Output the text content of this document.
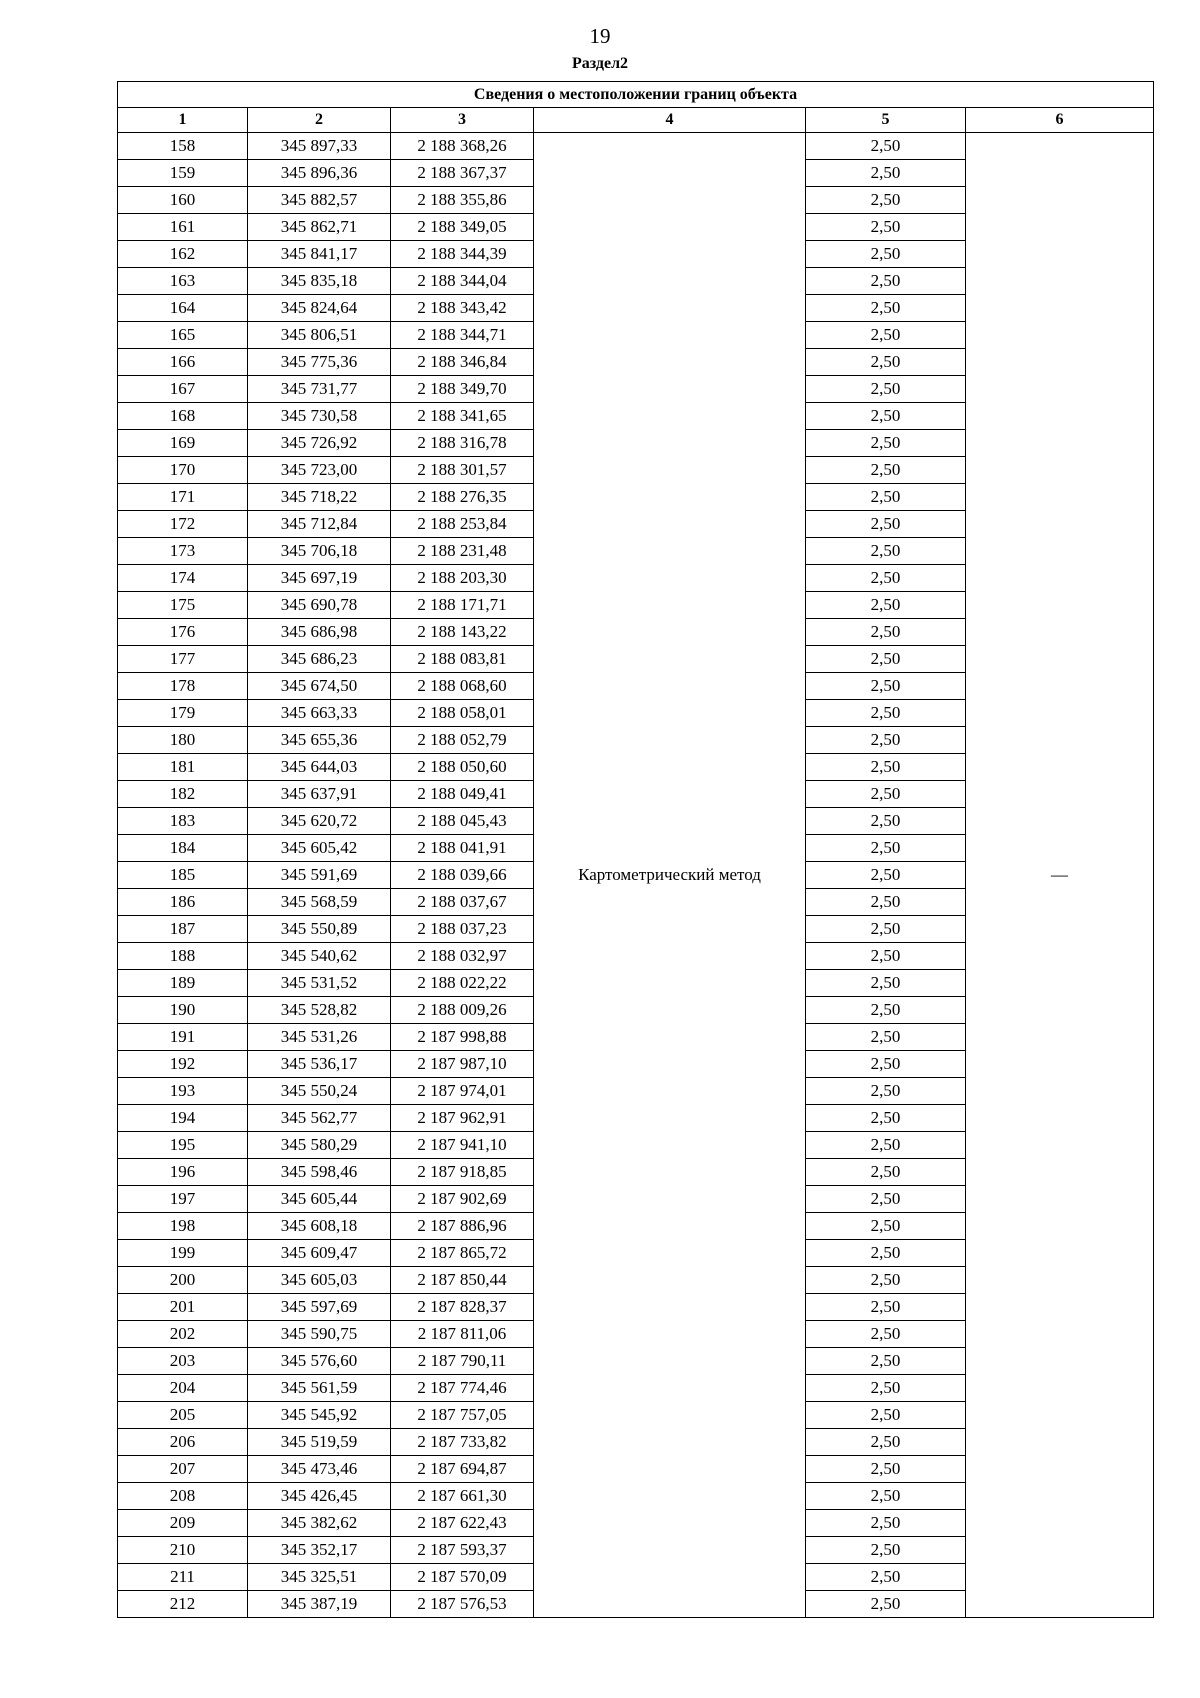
19
Раздел2
Сведения о местоположении границ объекта					
1	2	3	4	5	6
158	345 897,33	2 188 368,26	Картометрический метод	2,50	—
159	345 896,36	2 188 367,37		2,50	
160	345 882,57	2 188 355,86		2,50	
161	345 862,71	2 188 349,05		2,50	
162	345 841,17	2 188 344,39		2,50	
163	345 835,18	2 188 344,04		2,50	
164	345 824,64	2 188 343,42		2,50	
165	345 806,51	2 188 344,71		2,50	
166	345 775,36	2 188 346,84		2,50	
167	345 731,77	2 188 349,70		2,50	
168	345 730,58	2 188 341,65		2,50	
169	345 726,92	2 188 316,78		2,50	
170	345 723,00	2 188 301,57		2,50	
171	345 718,22	2 188 276,35		2,50	
172	345 712,84	2 188 253,84		2,50	
173	345 706,18	2 188 231,48		2,50	
174	345 697,19	2 188 203,30		2,50	
175	345 690,78	2 188 171,71		2,50	
176	345 686,98	2 188 143,22		2,50	
177	345 686,23	2 188 083,81		2,50	
178	345 674,50	2 188 068,60		2,50	
179	345 663,33	2 188 058,01		2,50	
180	345 655,36	2 188 052,79		2,50	
181	345 644,03	2 188 050,60		2,50	
182	345 637,91	2 188 049,41		2,50	
183	345 620,72	2 188 045,43		2,50	
184	345 605,42	2 188 041,91		2,50	
185	345 591,69	2 188 039,66		2,50	
186	345 568,59	2 188 037,67		2,50	
187	345 550,89	2 188 037,23		2,50	
188	345 540,62	2 188 032,97		2,50	
189	345 531,52	2 188 022,22		2,50	
190	345 528,82	2 188 009,26		2,50	
191	345 531,26	2 187 998,88		2,50	
192	345 536,17	2 187 987,10		2,50	
193	345 550,24	2 187 974,01		2,50	
194	345 562,77	2 187 962,91		2,50	
195	345 580,29	2 187 941,10		2,50	
196	345 598,46	2 187 918,85		2,50	
197	345 605,44	2 187 902,69		2,50	
198	345 608,18	2 187 886,96		2,50	
199	345 609,47	2 187 865,72		2,50	
200	345 605,03	2 187 850,44		2,50	
201	345 597,69	2 187 828,37		2,50	
202	345 590,75	2 187 811,06		2,50	
203	345 576,60	2 187 790,11		2,50	
204	345 561,59	2 187 774,46		2,50	
205	345 545,92	2 187 757,05		2,50	
206	345 519,59	2 187 733,82		2,50	
207	345 473,46	2 187 694,87		2,50	
208	345 426,45	2 187 661,30		2,50	
209	345 382,62	2 187 622,43		2,50	
210	345 352,17	2 187 593,37		2,50	
211	345 325,51	2 187 570,09		2,50	
212	345 387,19	2 187 576,53		2,50	
